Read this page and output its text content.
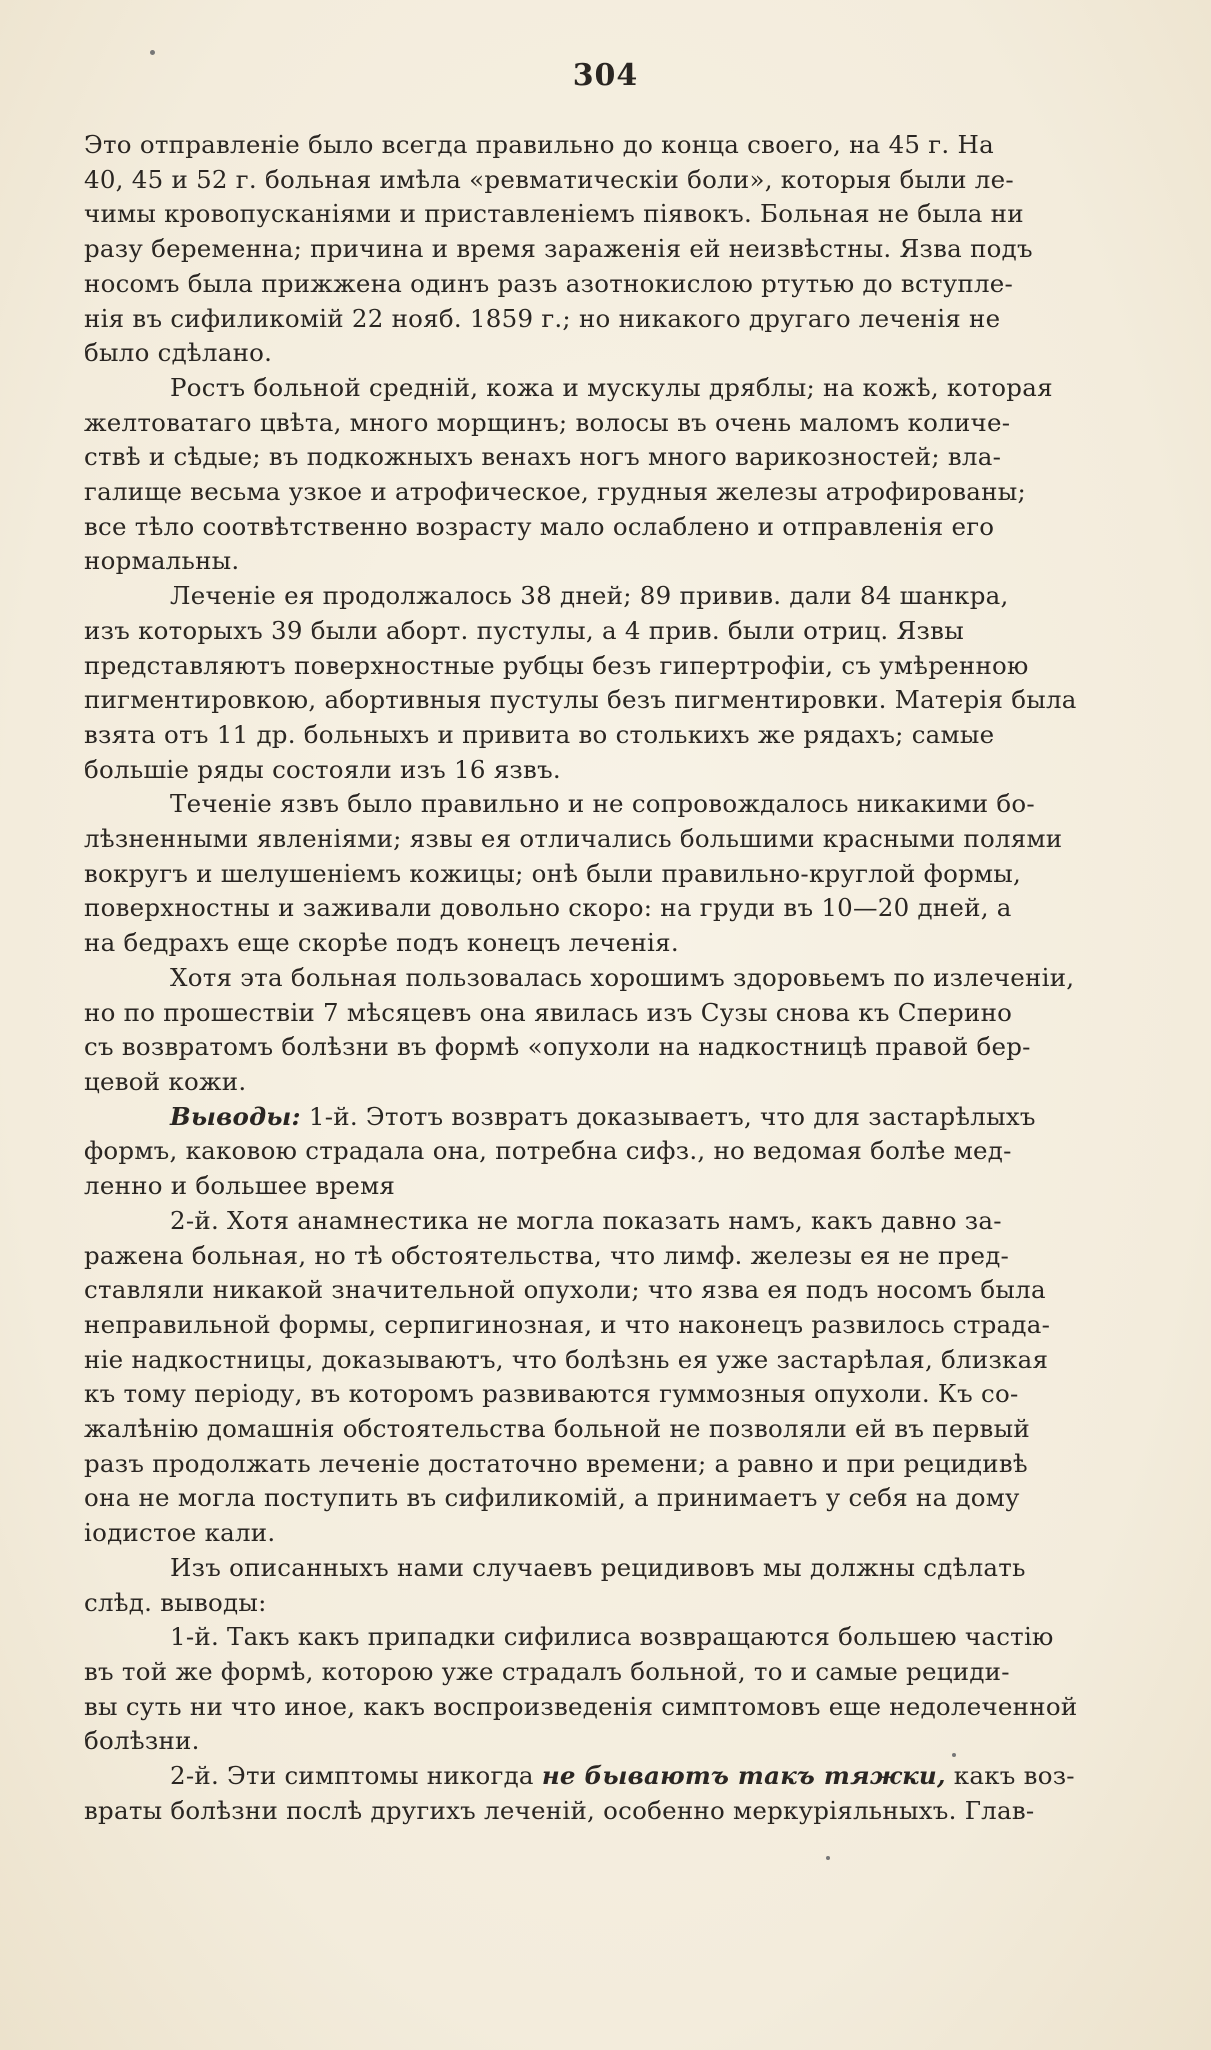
304
Это отправленіе было всегда правильно до конца своего, на 45 г. На
40, 45 и 52 г. больная имѣла «ревматическіи боли», которыя были ле-
чимы кровопусканіями и приставленіемъ пiявокъ. Больная не была ни
разу беременна; причина и время зараженія ей неизвѣстны. Язва подъ
носомъ была прижжена одинъ разъ азотнокислою ртутью до вступле-
нія въ сифиликомій 22 нояб. 1859 г.; но никакого другаго леченія не
было сдѣлано.
Ростъ больной средній, кожа и мускулы дряблы; на кожѣ, которая
желтоватаго цвѣта, много морщинъ; волосы въ очень маломъ количе-
ствѣ и сѣдые; въ подкожныхъ венахъ ногъ много варикозностей; вла-
галище весьма узкое и атрофическое, грудныя железы атрофированы;
все тѣло соотвѣтственно возрасту мало ослаблено и отправленія его
нормальны.
Леченіе ея продолжалось 38 дней; 89 привив. дали 84 шанкра,
изъ которыхъ 39 были аборт. пустулы, а 4 прив. были отриц. Язвы
представляютъ поверхностные рубцы безъ гипертрофіи, съ умѣренною
пигментировкою, абортивныя пустулы безъ пигментировки. Матерія была
взята отъ 11 др. больныхъ и привита во столькихъ же рядахъ; самые
большіе ряды состояли изъ 16 язвъ.
Теченіе язвъ было правильно и не сопровождалось никакими бо-
лѣзненными явленіями; язвы ея отличались большими красными полями
вокругъ и шелушеніемъ кожицы; онѣ были правильно-круглой формы,
поверхностны и заживали довольно скоро: на груди въ 10—20 дней, а
на бедрахъ еще скорѣе подъ конецъ леченія.
Хотя эта больная пользовалась хорошимъ здоровьемъ по излеченіи,
но по прошествіи 7 мѣсяцевъ она явилась изъ Сузы снова къ Сперино
съ возвратомъ болѣзни въ формѣ «опухоли на надкостницѣ правой бер-
цевой кожи.
Выводы: 1-й. Этотъ возвратъ доказываетъ, что для застарѣлыхъ
формъ, каковою страдала она, потребна сифз., но ведомая болѣе мед-
ленно и большее время
2-й. Хотя анамнестика не могла показать намъ, какъ давно за-
ражена больная, но тѣ обстоятельства, что лимф. железы ея не пред-
ставляли никакой значительной опухоли; что язва ея подъ носомъ была
неправильной формы, серпигинозная, и что наконецъ развилось страда-
ніе надкостницы, доказываютъ, что болѣзнь ея уже застарѣлая, близкая
къ тому періоду, въ которомъ развиваются гуммозныя опухоли. Къ со-
жалѣнію домашнія обстоятельства больной не позволяли ей въ первый
разъ продолжать леченіе достаточно времени; а равно и при рецидивѣ
она не могла поступить въ сифиликомій, а принимаетъ у себя на дому
iодистое кали.
Изъ описанныхъ нами случаевъ рецидивовъ мы должны сдѣлать
слѣд. выводы:
1-й. Такъ какъ припадки сифилиса возвращаются большею частію
въ той же формѣ, которою уже страдалъ больной, то и самые рециди-
вы суть ни что иное, какъ воспроизведенія симптомовъ еще недолеченной
болѣзни.
2-й. Эти симптомы никогда не бываютъ такъ тяжки, какъ воз-
враты болѣзни послѣ другихъ леченій, особенно меркуріяльныхъ. Глав-
